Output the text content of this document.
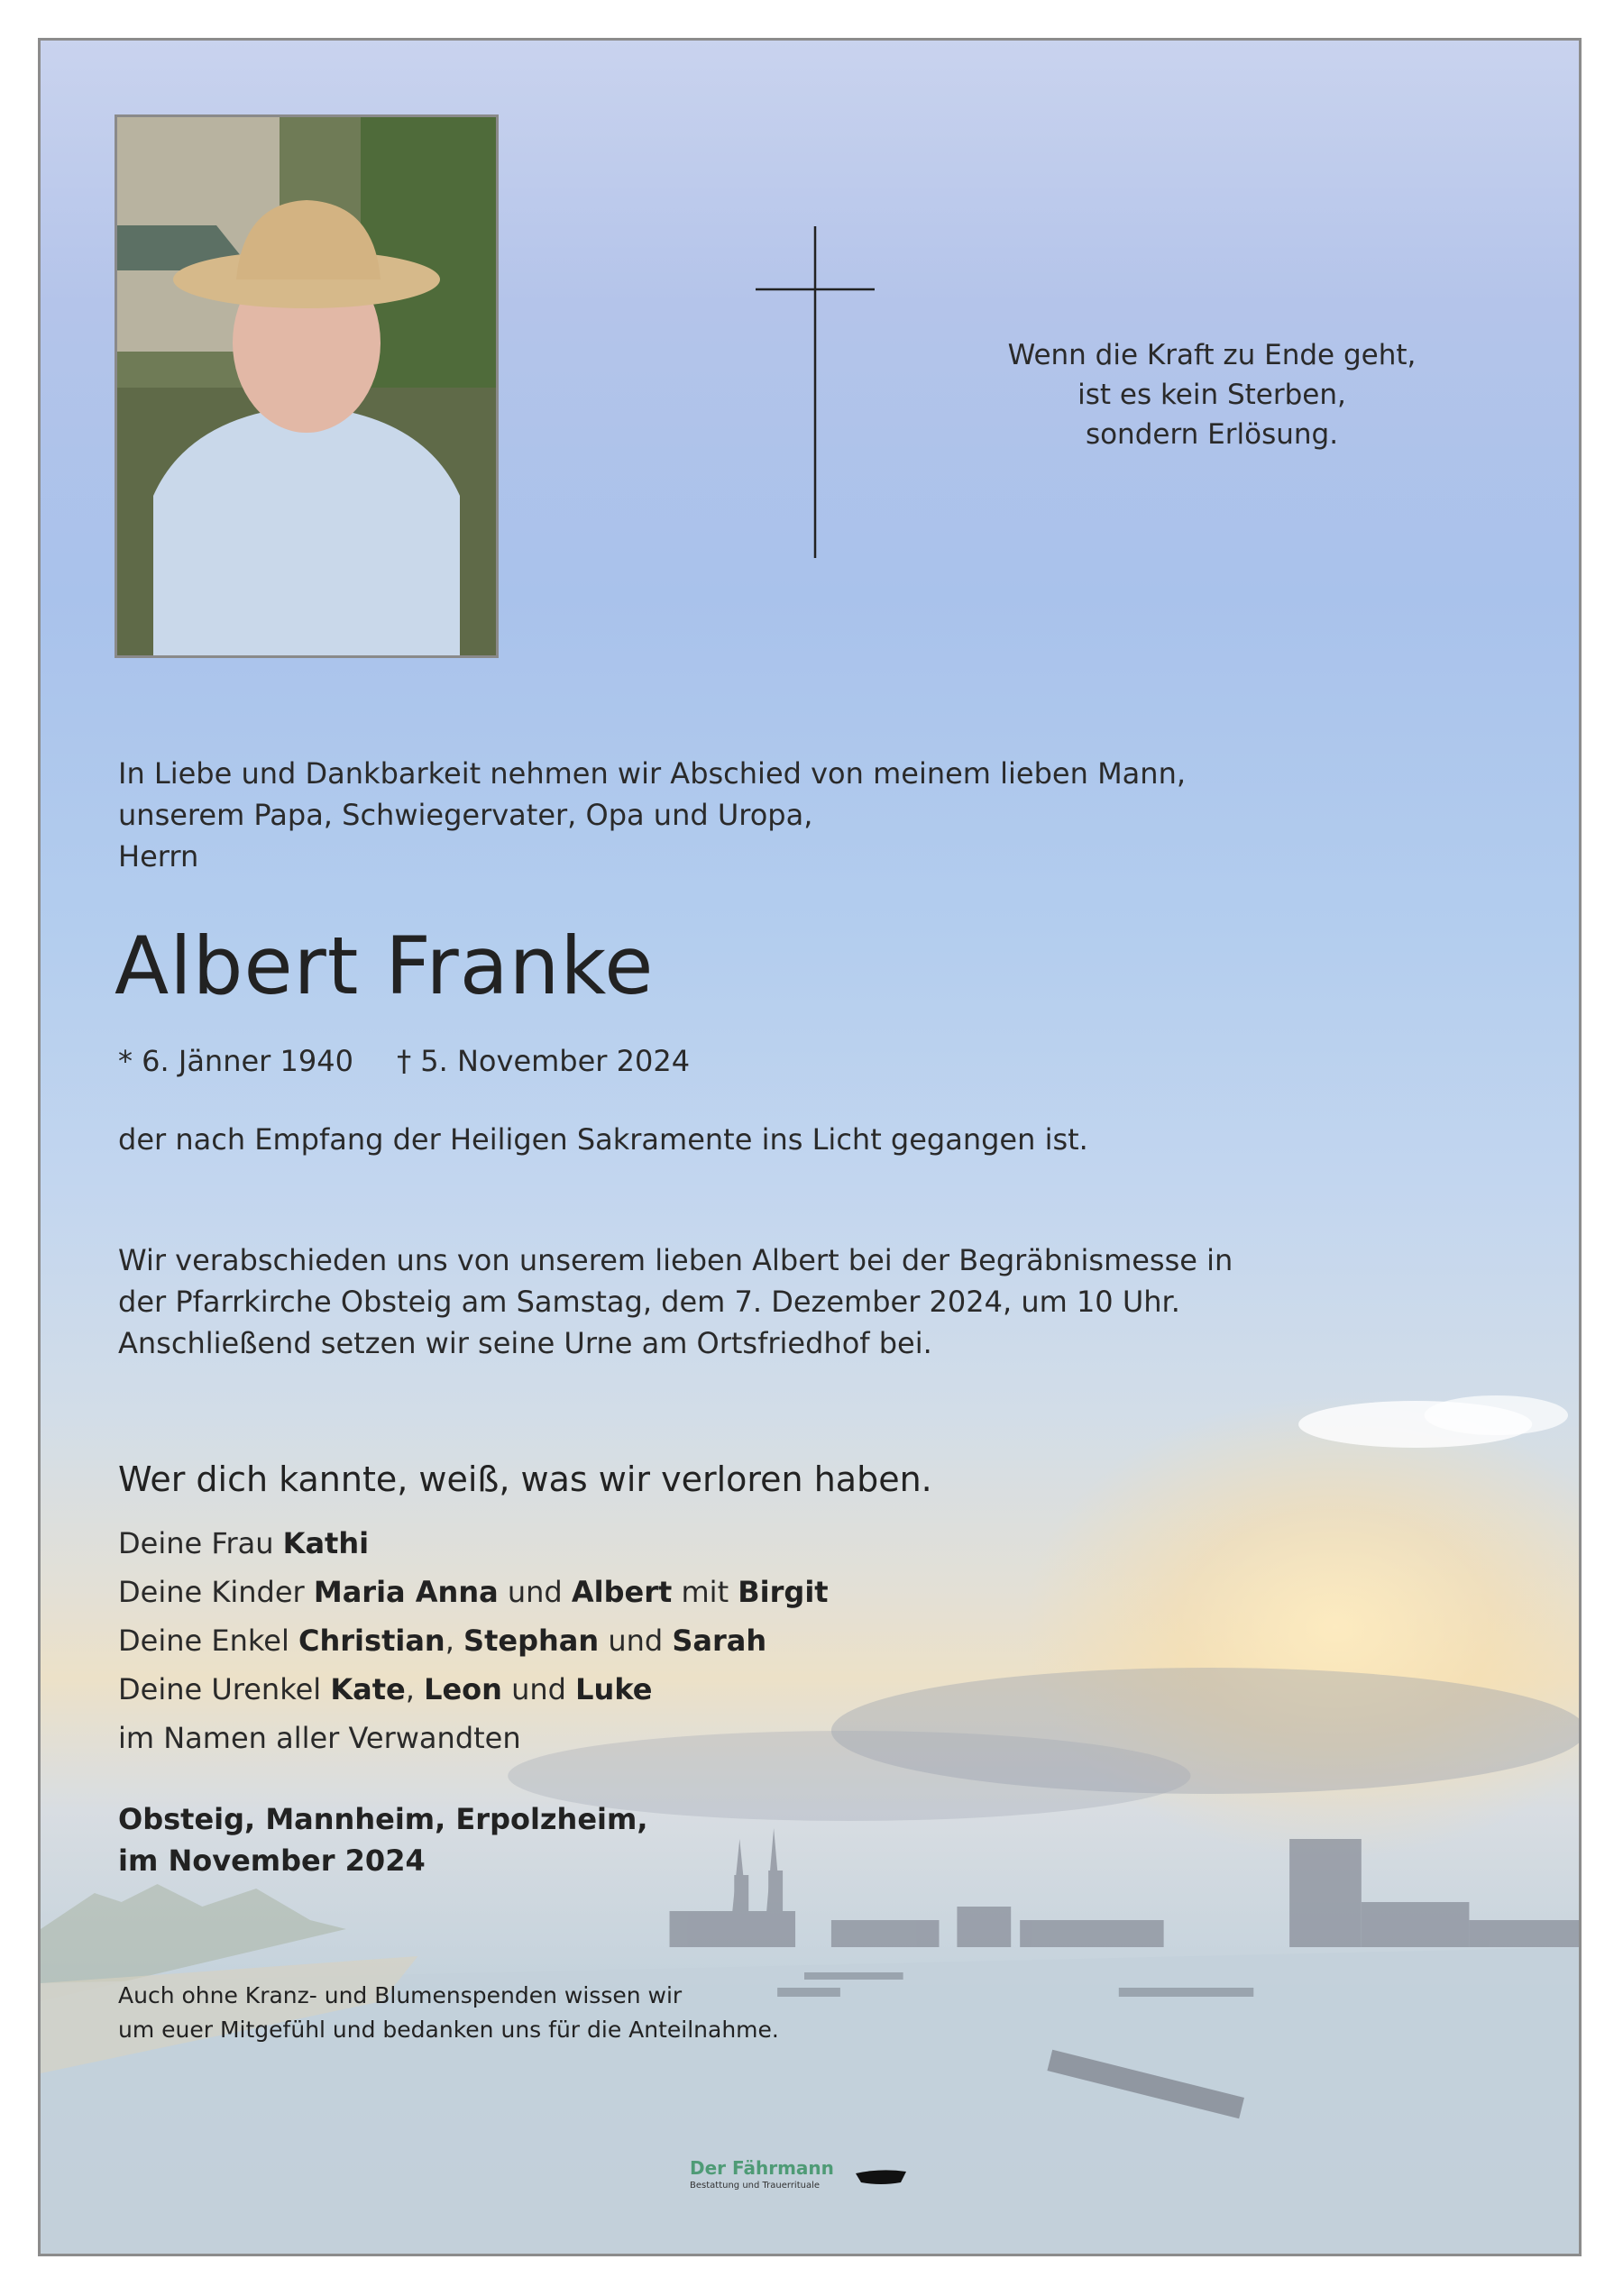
Wenn die Kraft zu Ende geht,
ist es kein Sterben,
sondern Erlösung.
In Liebe und Dankbarkeit nehmen wir Abschied von meinem lieben Mann,
unserem Papa, Schwiegervater, Opa und Uropa,
Herrn
Albert Franke
* 6. Jänner 1940 † 5. November 2024
der nach Empfang der Heiligen Sakramente ins Licht gegangen ist.
Wir verabschieden uns von unserem lieben Albert bei der Begräbnismesse in
der Pfarrkirche Obsteig am Samstag, dem 7. Dezember 2024, um 10 Uhr.
Anschließend setzen wir seine Urne am Ortsfriedhof bei.
Wer dich kannte, weiß, was wir verloren haben.
Deine Frau Kathi
Deine Kinder Maria Anna und Albert mit Birgit
Deine Enkel Christian, Stephan und Sarah
Deine Urenkel Kate, Leon und Luke
im Namen aller Verwandten
Obsteig, Mannheim, Erpolzheim,
im November 2024
Auch ohne Kranz- und Blumenspenden wissen wir
um euer Mitgefühl und bedanken uns für die Anteilnahme.
Der Fährmann
Bestattung und Trauerrituale
